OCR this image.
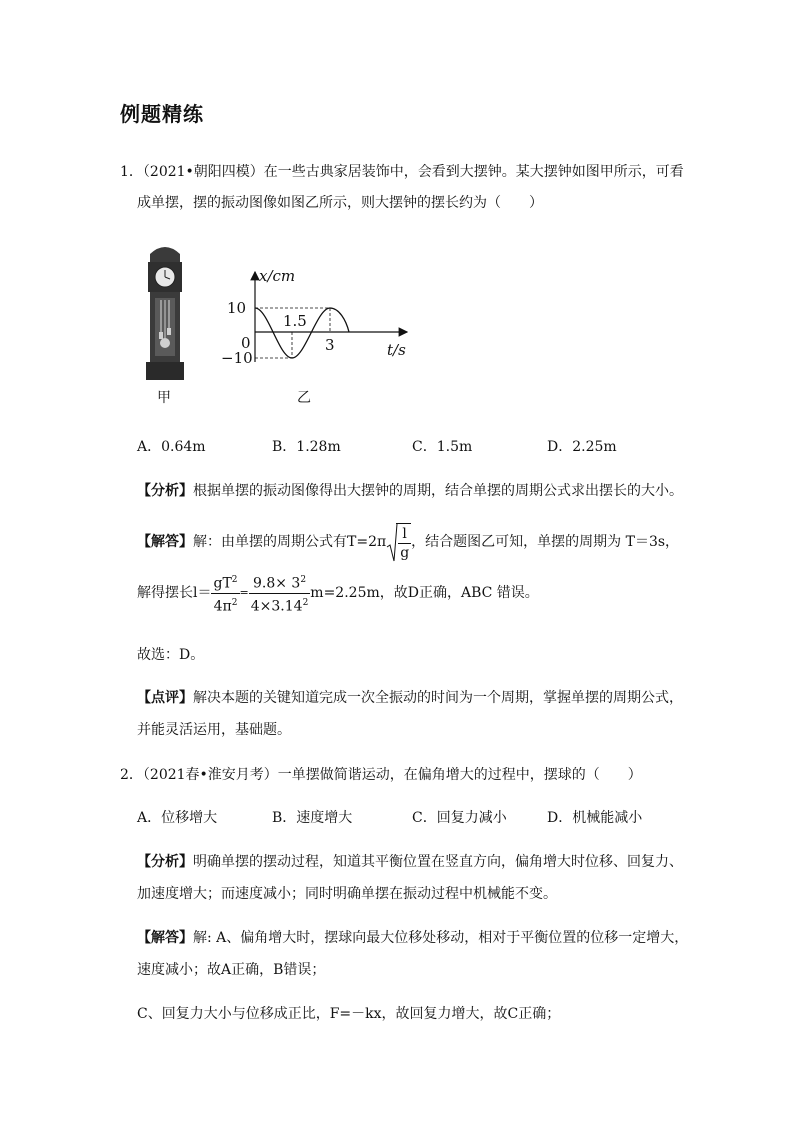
例题精练
1．（2021•朝阳四模）在一些古典家居装饰中，会看到大摆钟。某大摆钟如图甲所示，可看
成单摆，摆的振动图像如图乙所示，则大摆钟的摆长约为（　　）
甲
x/cm
10
−10
0
1.5
3	t/s
乙
A．0.64m	B．1.28m	C．1.5m	D．2.25m
【分析】根据单摆的振动图像得出大摆钟的周期，结合单摆的周期公式求出摆长的大小。
【解答】 解：由单摆的周期公式有$T=2\pi \frac{l}{g}$ ，结合题图乙可知，单摆的周期为 T＝3s，
解得摆长$l= \frac{gT^2}{4\pi^2} = \frac{9.8\times 3^2}{4\times 3.14^2} m=2.25m$，故D正确，ABC 错误。
故选：D。
【点评】解决本题的关键知道完成一次全振动的时间为一个周期，掌握单摆的周期公式，
并能灵活运用，基础题。
2．（2021春•淮安月考）一单摆做简谐运动，在偏角增大的过程中，摆球的（　　）
A．位移增大	B．速度增大	C．回复力减小	D．机械能减小
【分析】明确单摆的摆动过程，知道其平衡位置在竖直方向，偏角增大时位移、回复力、
加速度增大；而速度减小；同时明确单摆在振动过程中机械能不变。
【解答】解: A、偏角增大时，摆球向最大位移处移动，相对于平衡位置的位移一定增大，
速度减小；故A正确，B错误；
C、回复力大小与位移成正比，F=－kx，故回复力增大，故C正确；
